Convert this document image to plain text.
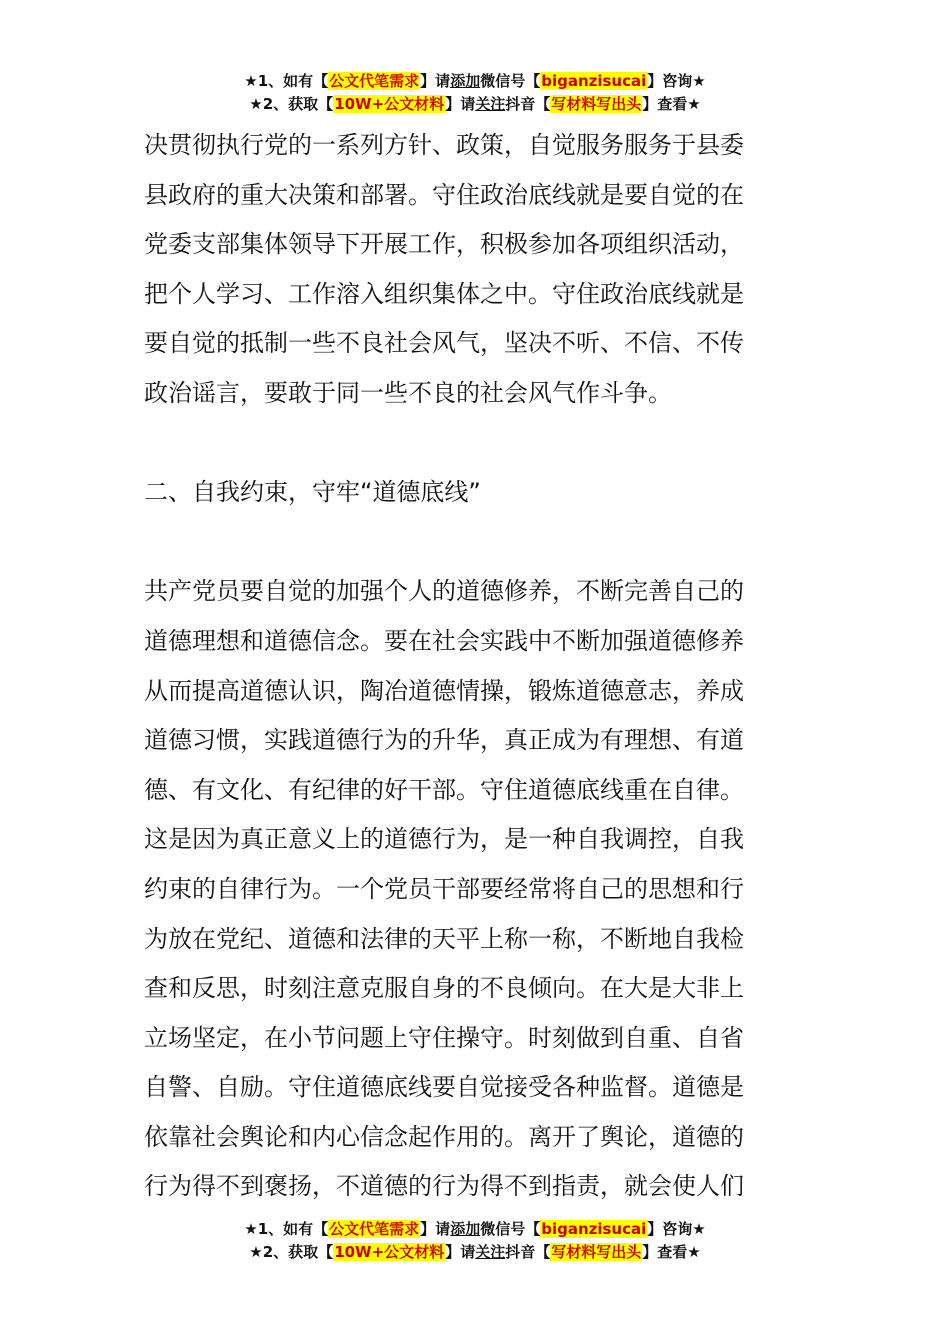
★1、如有【公文代笔需求】请添加微信号【biganzisucai】咨询★
★2、获取【10W+公文材料】请关注抖音【写材料写出头】查看★

决贯彻执行党的一系列方针、政策，自觉服务服务于县委

县政府的重大决策和部署。守住政治底线就是要自觉的在

党委支部集体领导下开展工作，积极参加各项组织活动，

把个人学习、工作溶入组织集体之中。守住政治底线就是

要自觉的抵制一些不良社会风气，坚决不听、不信、不传

政治谣言，要敢于同一些不良的社会风气作斗争。

二、自我约束，守牢“道德底线”

共产党员要自觉的加强个人的道德修养，不断完善自己的

道德理想和道德信念。要在社会实践中不断加强道德修养

从而提高道德认识，陶冶道德情操，锻炼道德意志，养成

道德习惯，实践道德行为的升华，真正成为有理想、有道

德、有文化、有纪律的好干部。守住道德底线重在自律。

这是因为真正意义上的道德行为，是一种自我调控，自我

约束的自律行为。一个党员干部要经常将自己的思想和行

为放在党纪、道德和法律的天平上称一称，不断地自我检

查和反思，时刻注意克服自身的不良倾向。在大是大非上

立场坚定，在小节问题上守住操守。时刻做到自重、自省

自警、自励。守住道德底线要自觉接受各种监督。道德是

依靠社会舆论和内心信念起作用的。离开了舆论，道德的

行为得不到褒扬，不道德的行为得不到指责，就会使人们

★1、如有【公文代笔需求】请添加微信号【biganzisucai】咨询★
★2、获取【10W+公文材料】请关注抖音【写材料写出头】查看★
